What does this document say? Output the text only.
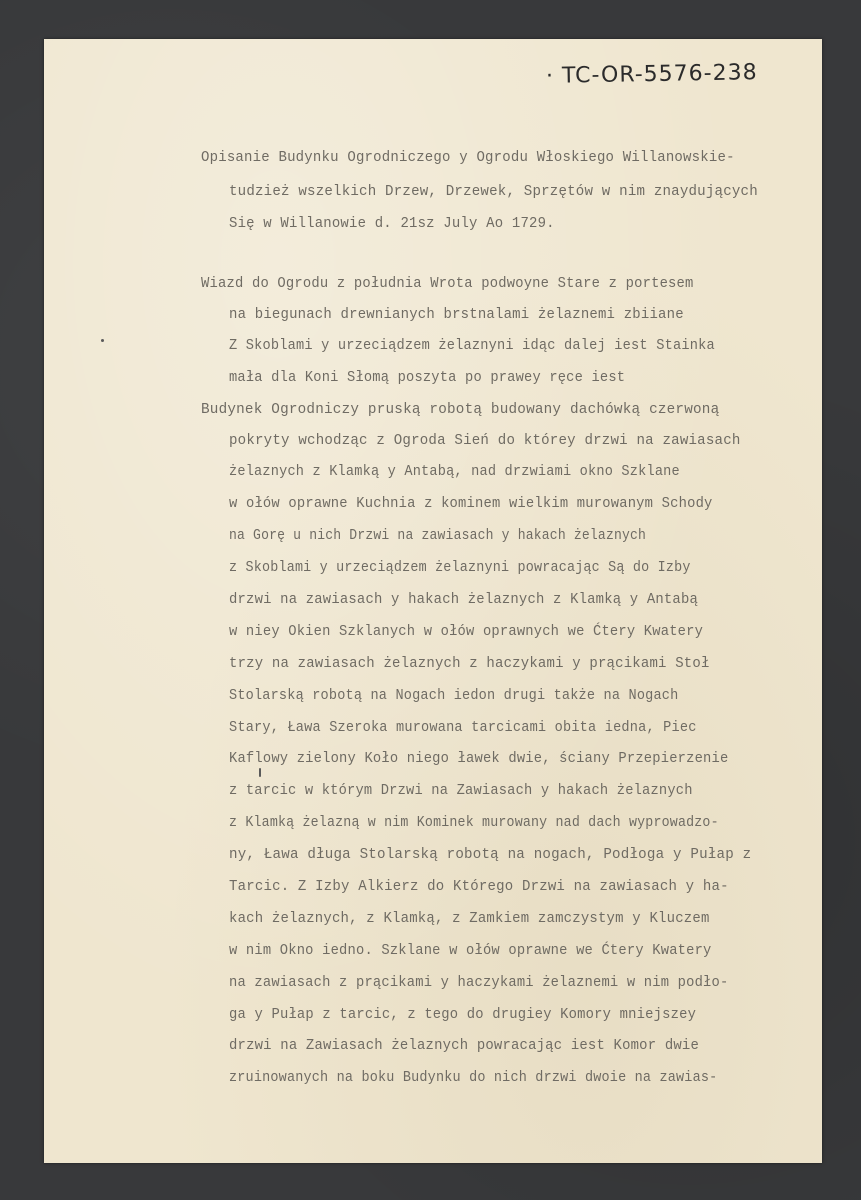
· TC-OR-5576-238
Opisanie Budynku Ogrodniczego y Ogrodu Włoskiego Willanowskie-
tudzież wszelkich Drzew, Drzewek, Sprzętów w nim znaydujących
Się w Willanowie d. 21sz July Ao 1729.
Wiazd do Ogrodu z południa Wrota podwoyne Stare z portesem
na biegunach drewnianych brstnalami żelaznemi zbiiane
Z Skoblami y urzeciądzem żelaznyni idąc dalej iest Stainka
mała dla Koni Słomą poszyta po prawey ręce iest
Budynek Ogrodniczy pruską robotą budowany dachówką czerwoną
pokryty wchodząc z Ogroda Sień do którey drzwi na zawiasach
żelaznych z Klamką y Antabą, nad drzwiami okno Szklane
w ołów oprawne Kuchnia z kominem wielkim murowanym Schody
na Gorę u nich Drzwi na zawiasach y hakach żelaznych
z Skoblami y urzeciądzem żelaznyni powracając Są do Izby
drzwi na zawiasach y hakach żelaznych z Klamką y Antabą
w niey Okien Szklanych w ołów oprawnych we Ćtery Kwatery
trzy na zawiasach żelaznych z haczykami y prącikami Stoł
Stolarską robotą na Nogach iedon drugi także na Nogach
Stary, Ława Szeroka murowana tarcicami obita iedna, Piec
Kaflowy zielony Koło niego ławek dwie, ściany Przepierzenie
z tarcic w którym Drzwi na Zawiasach y hakach żelaznych
z Klamką żelazną w nim Kominek murowany nad dach wyprowadzo-
ny, Ława długa Stolarską robotą na nogach, Podłoga y Pułap z
Tarcic. Z Izby Alkierz do Którego Drzwi na zawiasach y ha-
kach żelaznych, z Klamką, z Zamkiem zamczystym y Kluczem
w nim Okno iedno. Szklane w ołów oprawne we Ćtery Kwatery
na zawiasach z prącikami y haczykami żelaznemi w nim podło-
ga y Pułap z tarcic, z tego do drugiey Komory mniejszey
drzwi na Zawiasach żelaznych powracając iest Komor dwie
zruinowanych na boku Budynku do nich drzwi dwoie na zawias-
